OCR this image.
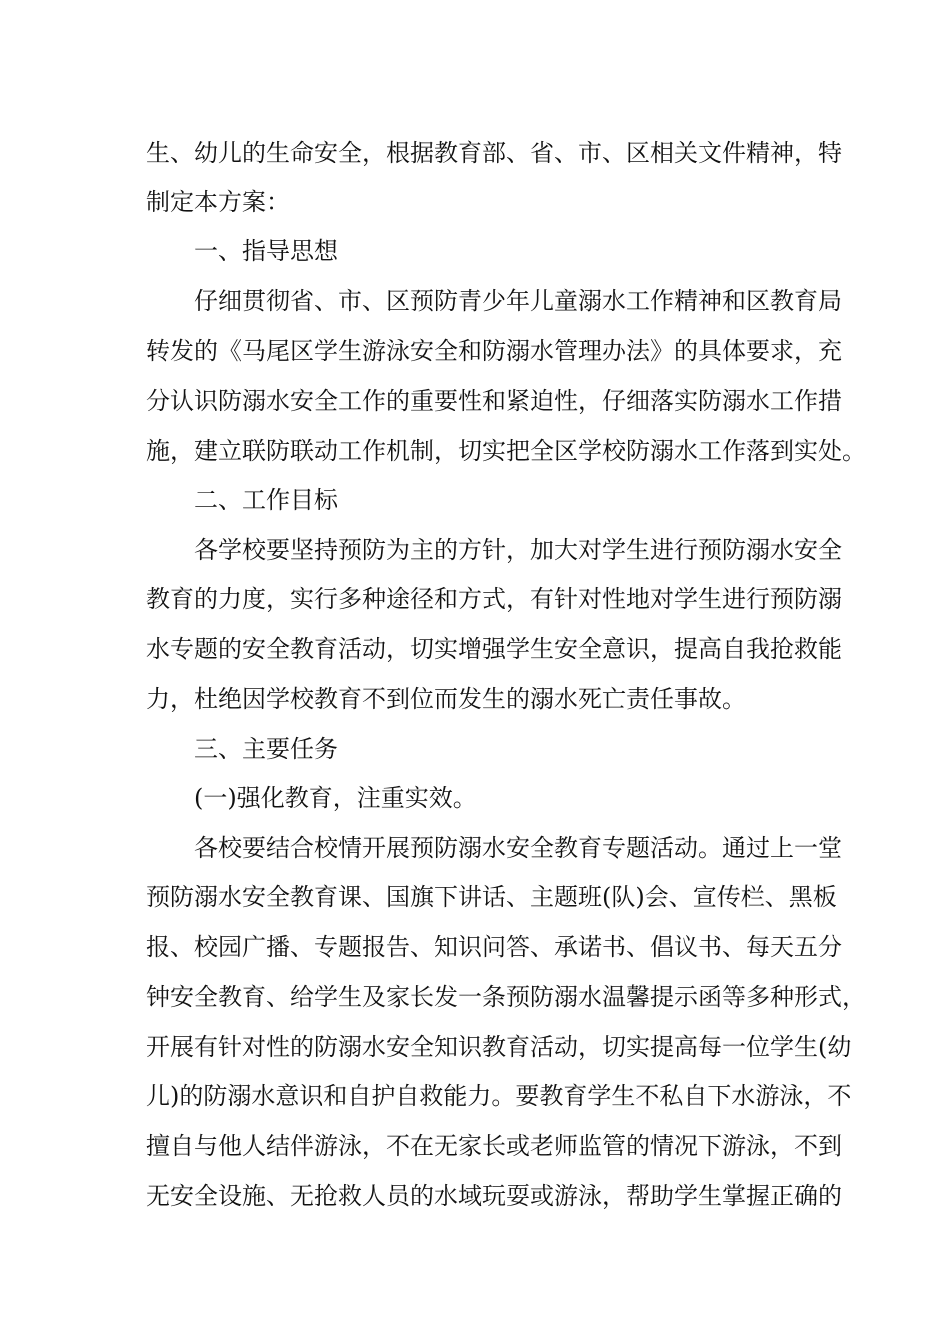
生、幼儿的生命安全，根据教育部、省、市、区相关文件精神，特
制定本方案：
一、指导思想
仔细贯彻省、市、区预防青少年儿童溺水工作精神和区教育局
转发的《马尾区学生游泳安全和防溺水管理办法》的具体要求，充
分认识防溺水安全工作的重要性和紧迫性，仔细落实防溺水工作措
施，建立联防联动工作机制，切实把全区学校防溺水工作落到实处。
二、工作目标
各学校要坚持预防为主的方针，加大对学生进行预防溺水安全
教育的力度，实行多种途径和方式，有针对性地对学生进行预防溺
水专题的安全教育活动，切实增强学生安全意识，提高自我抢救能
力，杜绝因学校教育不到位而发生的溺水死亡责任事故。
三、主要任务
(一)强化教育，注重实效。
各校要结合校情开展预防溺水安全教育专题活动。通过上一堂
预防溺水安全教育课、国旗下讲话、主题班(队)会、宣传栏、黑板
报、校园广播、专题报告、知识问答、承诺书、倡议书、每天五分
钟安全教育、给学生及家长发一条预防溺水温馨提示函等多种形式，
开展有针对性的防溺水安全知识教育活动，切实提高每一位学生(幼
儿)的防溺水意识和自护自救能力。要教育学生不私自下水游泳，不
擅自与他人结伴游泳，不在无家长或老师监管的情况下游泳，不到
无安全设施、无抢救人员的水域玩耍或游泳，帮助学生掌握正确的
